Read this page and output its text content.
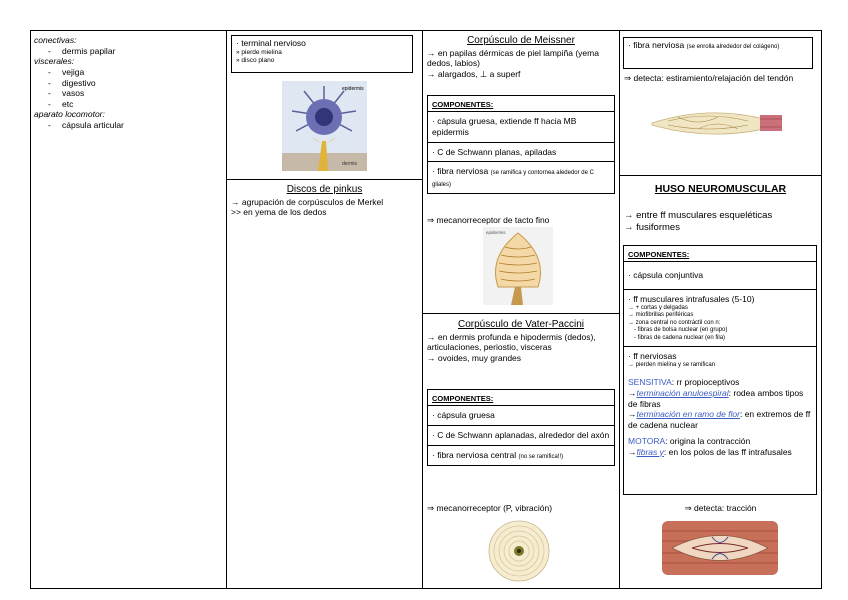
conectivas:
- dermis papilar
viscerales:
- vejiga
- digestivo
- vasos
- etc
aparato locomotor:
- cápsula articular
· terminal nervioso
» pierde mielina
» disco plano
epidermis
dermis
Discos de pinkus
→ agrupación de corpúsculos de Merkel
>> en yema de los dedos
Corpúsculo de Meissner
→ en papilas dérmicas de piel lampiña (yema dedos, labios)
→ alargados, ⊥ a superf
COMPONENTES:
· cápsula gruesa, extiende ff hacia MB epidermis
· C de Schwann planas, apiladas
· fibra nerviosa (se ramifica y contornea alededor de C gliales)
⇒ mecanorreceptor de tacto fino
epidermis
Corpúsculo de Vater-Paccini
→ en dermis profunda e hipodermis (dedos), articulaciones, periostio, visceras
→ ovoides, muy grandes
COMPONENTES:
· cápsula gruesa
· C de Schwann aplanadas, alrededor del axón
· fibra nerviosa central (no se ramifica!!)
⇒ mecanorreceptor (P, vibración)
· fibra nerviosa (se enrolla alrededor del colágeno)
⇒ detecta: estiramiento/relajación del tendón
HUSO NEUROMUSCULAR
→ entre ff musculares esqueléticas
→ fusiformes
COMPONENTES:
· cápsula conjuntiva
· ff musculares intrafusales (5-10)
→ + cortas y delgadas
→ miofibrillas periféricas
→ zona central no contráctil con n:
- fibras de bolsa nuclear (en grupo)
- fibras de cadena nuclear (en fila)
· ff nerviosas
→ pierden mielina y se ramifican
SENSITIVA: rr propioceptivos
→terminación anuloespiral: rodea ambos tipos de fibras
→terminación en ramo de flor: en extremos de ff de cadena nuclear
MOTORA: origina la contracción
→fibras γ: en los polos de las ff intrafusales
⇒ detecta: tracción
